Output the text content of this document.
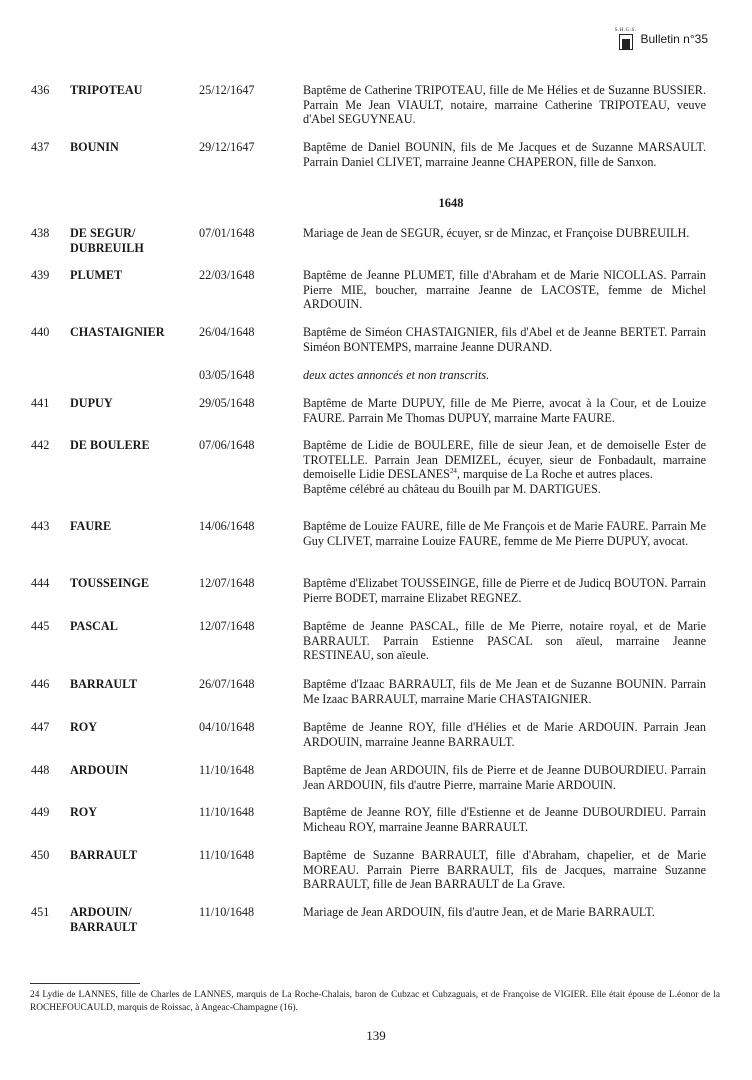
S.H.G.S.
Bulletin n°35
1648
436 TRIPOTEAU	25/12/1647	Baptême de Catherine TRIPOTEAU, fille de Me Hélies et de Suzanne BUSSIER. Parrain Me Jean VIAULT, notaire, marraine Catherine TRIPOTEAU, veuve d'Abel SEGUYNEAU.

437 BOUNIN	29/12/1647	Baptême de Daniel BOUNIN, fils de Me Jacques et de Suzanne MARSAULT. Parrain Daniel CLIVET, marraine Jeanne CHAPERON, fille de Sanxon.

438 DE SEGUR/
DUBREUILH
07/01/1648	Mariage de Jean de SEGUR, écuyer, sr de Minzac, et Françoise DUBREUILH.

439 PLUMET	22/03/1648	Baptême de Jeanne PLUMET, fille d'Abraham et de Marie NICOLLAS. Parrain Pierre MIE, boucher, marraine Jeanne de LACOSTE, femme de Michel ARDOUIN.

440 CHASTAIGNIER	26/04/1648	Baptême de Siméon CHASTAIGNIER, fils d'Abel et de Jeanne BERTET. Parrain Siméon BONTEMPS, marraine Jeanne DURAND.

03/05/1648	deux actes annoncés et non transcrits.

441 DUPUY	29/05/1648	Baptême de Marte DUPUY, fille de Me Pierre, avocat à la Cour, et de Louize FAURE. Parrain Me Thomas DUPUY, marraine Marte FAURE.

442 DE BOULERE	07/06/1648	Baptême de Lidie de BOULERE, fille de sieur Jean, et de demoiselle Ester de TROTELLE. Parrain Jean DEMIZEL, écuyer, sieur de Fonbadault, marraine demoiselle Lidie DESLANES$^{24}$, marquise de La Roche et autres places.

Baptême célébré au château du Bouilh par M. DARTIGUES.

443 FAURE	14/06/1648	Baptême de Louize FAURE, fille de Me François et de Marie FAURE. Parrain Me Guy CLIVET, marraine Louize FAURE, femme de Me Pierre DUPUY, avocat.

444 TOUSSEINGE	12/07/1648	Baptême d'Elizabet TOUSSEINGE, fille de Pierre et de Judicq BOUTON. Parrain Pierre BODET, marraine Elizabet REGNEZ.

445 PASCAL	12/07/1648	Baptême de Jeanne PASCAL, fille de Me Pierre, notaire royal, et de Marie BARRAULT. Parrain Estienne PASCAL son aïeul, marraine Jeanne RESTINEAU, son aïeule.

446 BARRAULT	26/07/1648	Baptême d'Izaac BARRAULT, fils de Me Jean et de Suzanne BOUNIN. Parrain Me Izaac BARRAULT, marraine Marie CHASTAIGNIER.

447 ROY	04/10/1648	Baptême de Jeanne ROY, fille d'Hélies et de Marie ARDOUIN. Parrain Jean ARDOUIN, marraine Jeanne BARRAULT.

448 ARDOUIN	11/10/1648	Baptême de Jean ARDOUIN, fils de Pierre et de Jeanne DUBOURDIEU. Parrain Jean ARDOUIN, fils d'autre Pierre, marraine Marie ARDOUIN.

449 ROY	11/10/1648	Baptême de Jeanne ROY, fille d'Estienne et de Jeanne DUBOURDIEU. Parrain Micheau ROY, marraine Jeanne BARRAULT.

450 BARRAULT	11/10/1648	Baptême de Suzanne BARRAULT, fille d'Abraham, chapelier, et de Marie MOREAU. Parrain Pierre BARRAULT, fils de Jacques, marraine Suzanne BARRAULT, fille de Jean BARRAULT de La Grave.

451 ARDOUIN/
BARRAULT
11/10/1648	Mariage de Jean ARDOUIN, fils d'autre Jean, et de Marie BARRAULT.

24 Lydie de LANNES, fille de Charles de LANNES, marquis de La Roche-Chalais, baron de Cubzac et Cubzaguais, et de Françoise de VIGIER. Elle était épouse de L.éonor de la ROCHEFOUCAULD, marquis de Roissac, à Angeac-Champagne (16).
139
